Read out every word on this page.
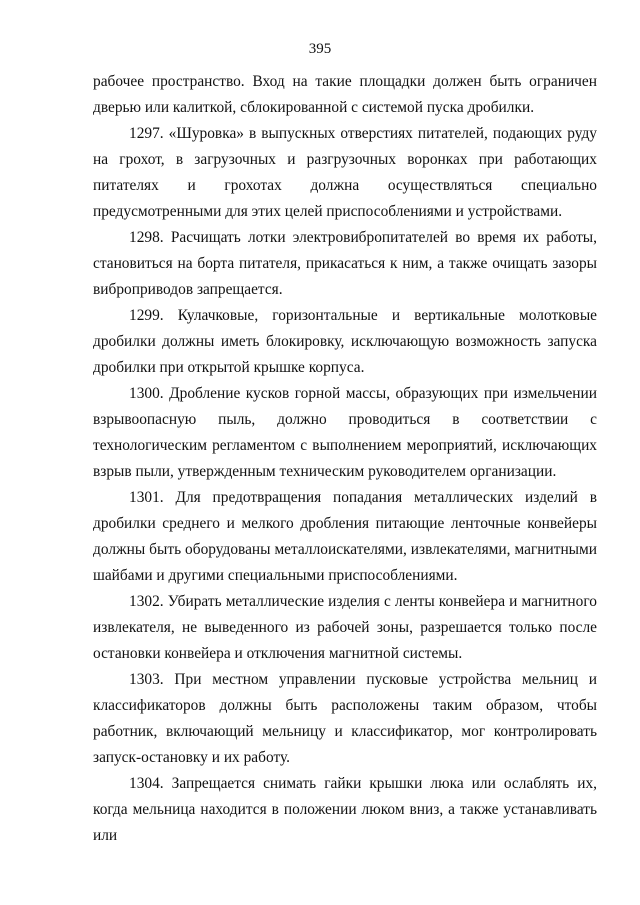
395

рабочее пространство. Вход на такие площадки должен быть ограничен дверью или калиткой, сблокированной с системой пуска дробилки.

1297. «Шуровка» в выпускных отверстиях питателей, подающих руду на грохот, в загрузочных и разгрузочных воронках при работающих питателях и грохотах должна осуществляться специально предусмотренными для этих целей приспособлениями и устройствами.

1298. Расчищать лотки электровибропитателей во время их работы, становиться на борта питателя, прикасаться к ним, а также очищать зазоры виброприводов запрещается.

1299. Кулачковые, горизонтальные и вертикальные молотковые дробилки должны иметь блокировку, исключающую возможность запуска дробилки при открытой крышке корпуса.

1300. Дробление кусков горной массы, образующих при измельчении взрывоопасную пыль, должно проводиться в соответствии с технологическим регламентом с выполнением мероприятий, исключающих взрыв пыли, утвержденным техническим руководителем организации.

1301. Для предотвращения попадания металлических изделий в дробилки среднего и мелкого дробления питающие ленточные конвейеры должны быть оборудованы металлоискателями, извлекателями, магнитными шайбами и другими специальными приспособлениями.

1302. Убирать металлические изделия с ленты конвейера и магнитного извлекателя, не выведенного из рабочей зоны, разрешается только после остановки конвейера и отключения магнитной системы.

1303. При местном управлении пусковые устройства мельниц и классификаторов должны быть расположены таким образом, чтобы работник, включающий мельницу и классификатор, мог контролировать запуск-остановку и их работу.

1304. Запрещается снимать гайки крышки люка или ослаблять их, когда мельница находится в положении люком вниз, а также устанавливать или
